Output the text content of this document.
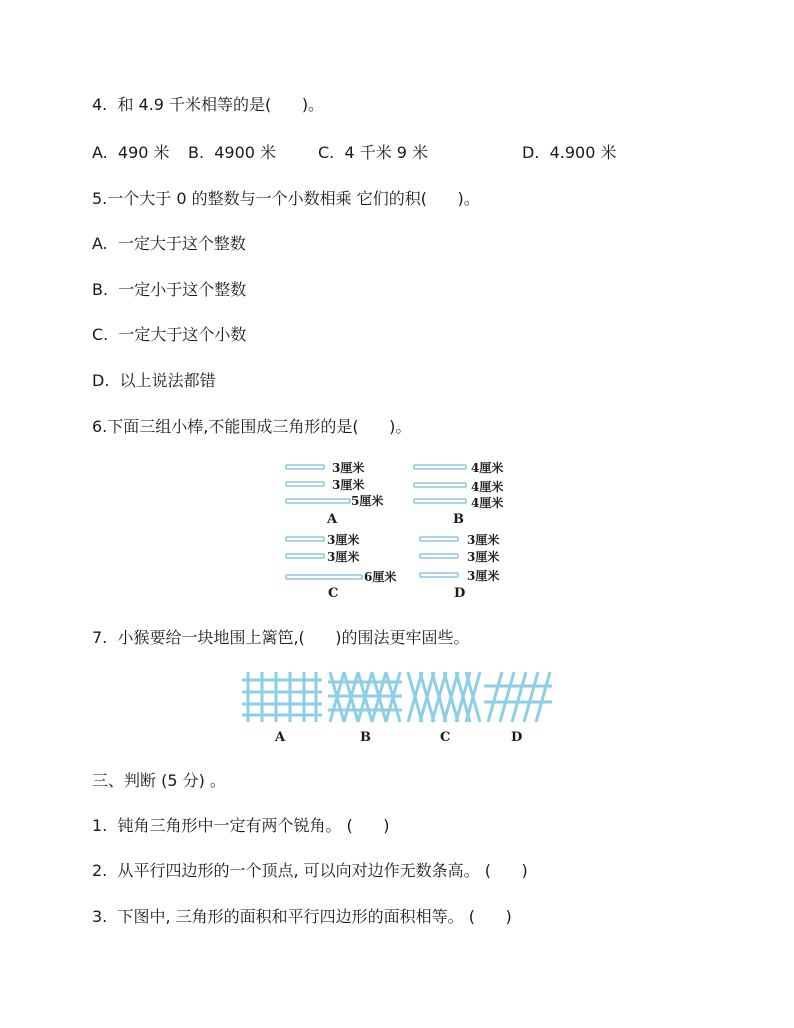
4.  和 4.9 千米相等的是(      )。
A.  490 米 B.  4900 米	C.  4 千米 9 米	D.  4.900 米
5.一个大于 0 的整数与一个小数相乘 它们的积(      )。
A.  一定大于这个整数
B.  一定小于这个整数
C.  一定大于这个小数
D.  以上说法都错
6.下面三组小棒,不能围成三角形的是(      )。
3厘米
3厘米
5厘米
A
4厘米
4厘米
4厘米
B
3厘米
3厘米
6厘米
C
3厘米
3厘米
3厘米
D
7.  小猴要给一块地围上篱笆,(      )的围法更牢固些。
A	B	C	D
三、判断 (5 分) 。
1.  钝角三角形中一定有两个锐角。 (      )
2.  从平行四边形的一个顶点, 可以向对边作无数条高。 (      )
3.  下图中, 三角形的面积和平行四边形的面积相等。 (      )
